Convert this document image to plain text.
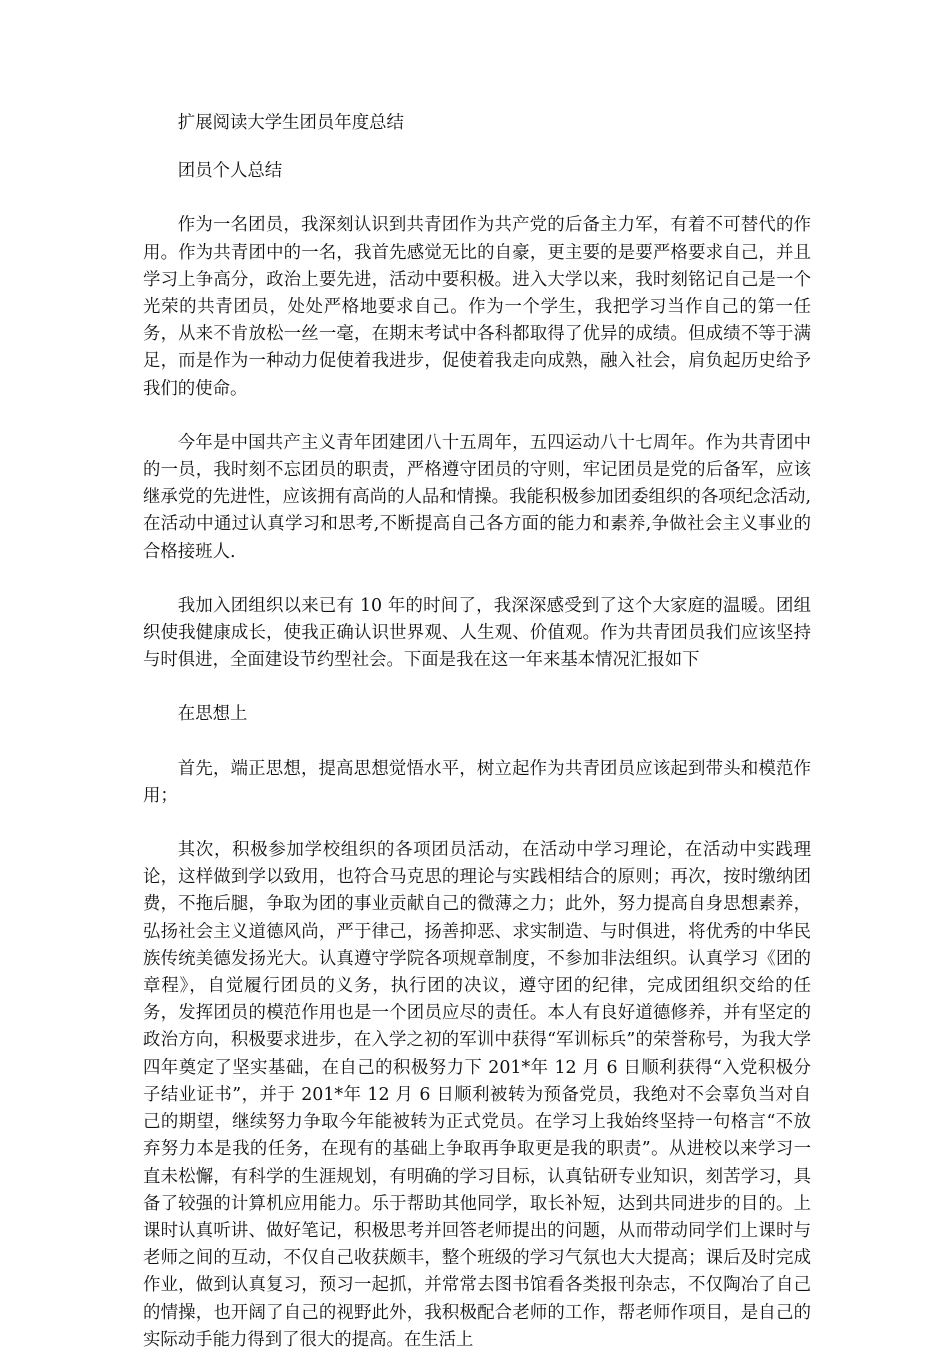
扩展阅读大学生团员年度总结
团员个人总结

作为一名团员，我深刻认识到共青团作为共产党的后备主力军，有着不可替代的作用。作为共青团中的一名，我首先感觉无比的自豪，更主要的是要严格要求自己，并且学习上争高分，政治上要先进，活动中要积极。进入大学以来，我时刻铭记自己是一个光荣的共青团员，处处严格地要求自己。作为一个学生，我把学习当作自己的第一任务，从来不肯放松一丝一毫，在期末考试中各科都取得了优异的成绩。但成绩不等于满足，而是作为一种动力促使着我进步，促使着我走向成熟，融入社会，肩负起历史给予我们的使命。

今年是中国共产主义青年团建团八十五周年，五四运动八十七周年。作为共青团中的一员，我时刻不忘团员的职责，严格遵守团员的守则，牢记团员是党的后备军，应该继承党的先进性，应该拥有高尚的人品和情操。我能积极参加团委组织的各项纪念活动,在活动中通过认真学习和思考,不断提高自己各方面的能力和素养,争做社会主义事业的合格接班人.

我加入团组织以来已有 10 年的时间了，我深深感受到了这个大家庭的温暖。团组织使我健康成长，使我正确认识世界观、人生观、价值观。作为共青团员我们应该坚持与时俱进，全面建设节约型社会。下面是我在这一年来基本情况汇报如下

在思想上

首先，端正思想，提高思想觉悟水平，树立起作为共青团员应该起到带头和模范作用；

其次，积极参加学校组织的各项团员活动，在活动中学习理论，在活动中实践理论，这样做到学以致用，也符合马克思的理论与实践相结合的原则；再次，按时缴纳团费，不拖后腿，争取为团的事业贡献自己的微薄之力；此外，努力提高自身思想素养，弘扬社会主义道德风尚，严于律己，扬善抑恶、求实制造、与时俱进，将优秀的中华民族传统美德发扬光大。认真遵守学院各项规章制度，不参加非法组织。认真学习《团的章程》，自觉履行团员的义务，执行团的决议，遵守团的纪律，完成团组织交给的任务，发挥团员的模范作用也是一个团员应尽的责任。本人有良好道德修养，并有坚定的政治方向，积极要求进步，在入学之初的军训中获得“军训标兵”的荣誉称号，为我大学四年奠定了坚实基础，在自己的积极努力下 201*年 12 月 6 日顺利获得“入党积极分子结业证书”，并于 201*年 12 月 6 日顺利被转为预备党员，我绝对不会辜负当对自己的期望，继续努力争取今年能被转为正式党员。在学习上我始终坚持一句格言“不放弃努力本是我的任务，在现有的基础上争取再争取更是我的职责”。从进校以来学习一直未松懈，有科学的生涯规划，有明确的学习目标，认真钻研专业知识，刻苦学习，具备了较强的计算机应用能力。乐于帮助其他同学，取长补短，达到共同进步的目的。上课时认真听讲、做好笔记，积极思考并回答老师提出的问题，从而带动同学们上课时与老师之间的互动，不仅自己收获颇丰，整个班级的学习气氛也大大提高；课后及时完成作业，做到认真复习，预习一起抓，并常常去图书馆看各类报刊杂志，不仅陶冶了自己的情操，也开阔了自己的视野此外，我积极配合老师的工作，帮老师作项目，是自己的实际动手能力得到了很大的提高。在生活上
